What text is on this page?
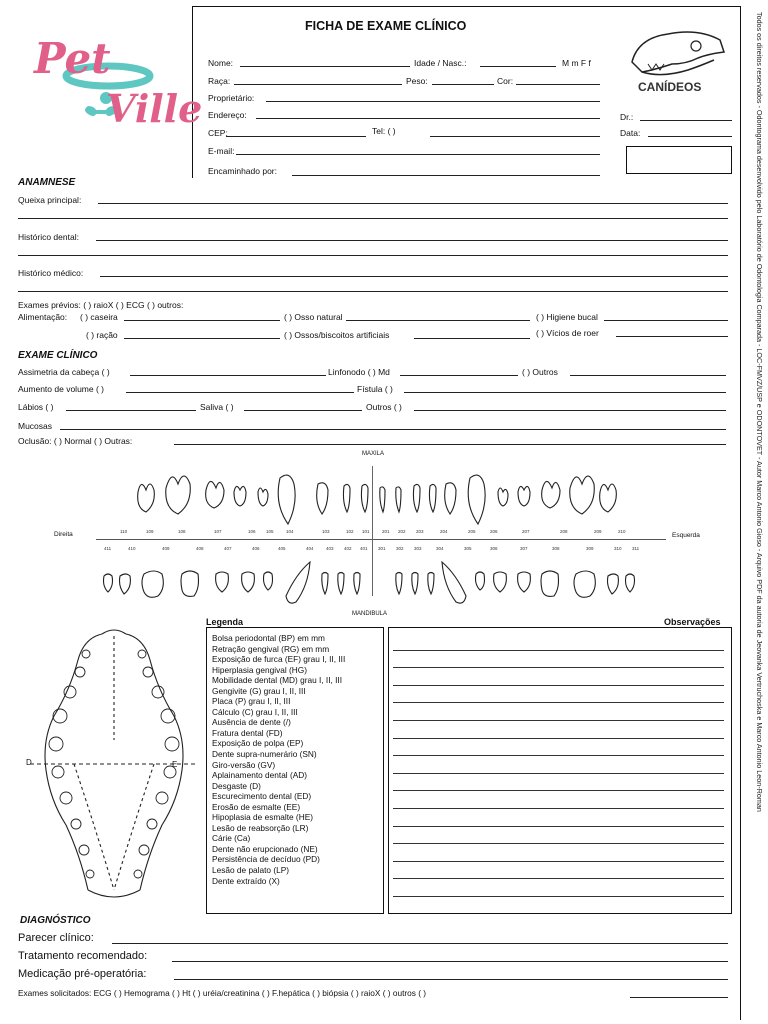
Pet
Ville
FICHA DE EXAME CLÍNICO
CANÍDEOS
Nome:	Idade / Nasc.:	M m F f
Raça:	Peso:	Cor:
Proprietário:
Endereço:
CEP:	Tel: ( )
E-mail:
Encaminhado por:
Dr.:
Data:
ANAMNESE
Queixa principal:
Histórico dental:
Histórico médico:
Exames prévios: ( ) raioX ( ) ECG ( ) outros:
Alimentação: ( ) caseira	( ) Osso natural	( ) Higiene bucal
( ) ração	( ) Ossos/biscoitos artificiais	( ) Vícios de roer
EXAME CLÍNICO
Assimetria da cabeça ( )	Linfonodo ( ) Md	( ) Outros
Aumento de volume ( )	Fístula ( )
Lábios ( )	Saliva ( )	Outros ( )
Mucosas
Oclusão: ( ) Normal ( ) Outras:
MAXILA
MANDIBULA
Direita	Esquerda
110	109	108	107	106 105	104	103	102 101	201 202 203	204	205	206	207	208	209	210
411	410	409	408	407	406	405	404	403 402 401 301 302 303	304	305	306	307	308	309	310 311
D	E
Legenda
Bolsa periodontal (BP) em mm
Retração gengival (RG) em mm
Exposição de furca (EF) grau I, II, III
Hiperplasia gengival (HG)
Mobilidade dental (MD) grau I, II, III
Gengivite (G) grau I, II, III
Placa (P) grau I, II, III
Cálculo (C) grau I, II, III
Ausência de dente (/)
Fratura dental (FD)
Exposição de polpa (EP)
Dente supra-numerário (SN)
Giro-versão (GV)
Aplainamento dental (AD)
Desgaste (D)
Escurecimento dental (ED)
Erosão de esmalte (EE)
Hipoplasia de esmalte (HE)
Lesão de reabsorção (LR)
Cárie (Ca)
Dente não erupcionado (NE)
Persistência de decíduo (PD)
Lesão de palato (LP)
Dente extraído (X)
Observações
DIAGNÓSTICO
Parecer clínico:
Tratamento recomendado:
Medicação pré-operatória:
Exames solicitados: ECG ( ) Hemograma ( ) Ht ( ) uréia/creatinina ( ) F.hepática ( ) biópsia ( ) raioX ( ) outros ( )
Todos os direitos reservados - Odontograma desenvolvido pelo Laboratório de Odontologia Comparada - LOC-FMVZ/USP e ODONTOVET - Autor Marco Antonio Gioso - Arquivo PDF da autoria de Jeovanka Vertruchoska e Marco Antonio Leon-Roman
